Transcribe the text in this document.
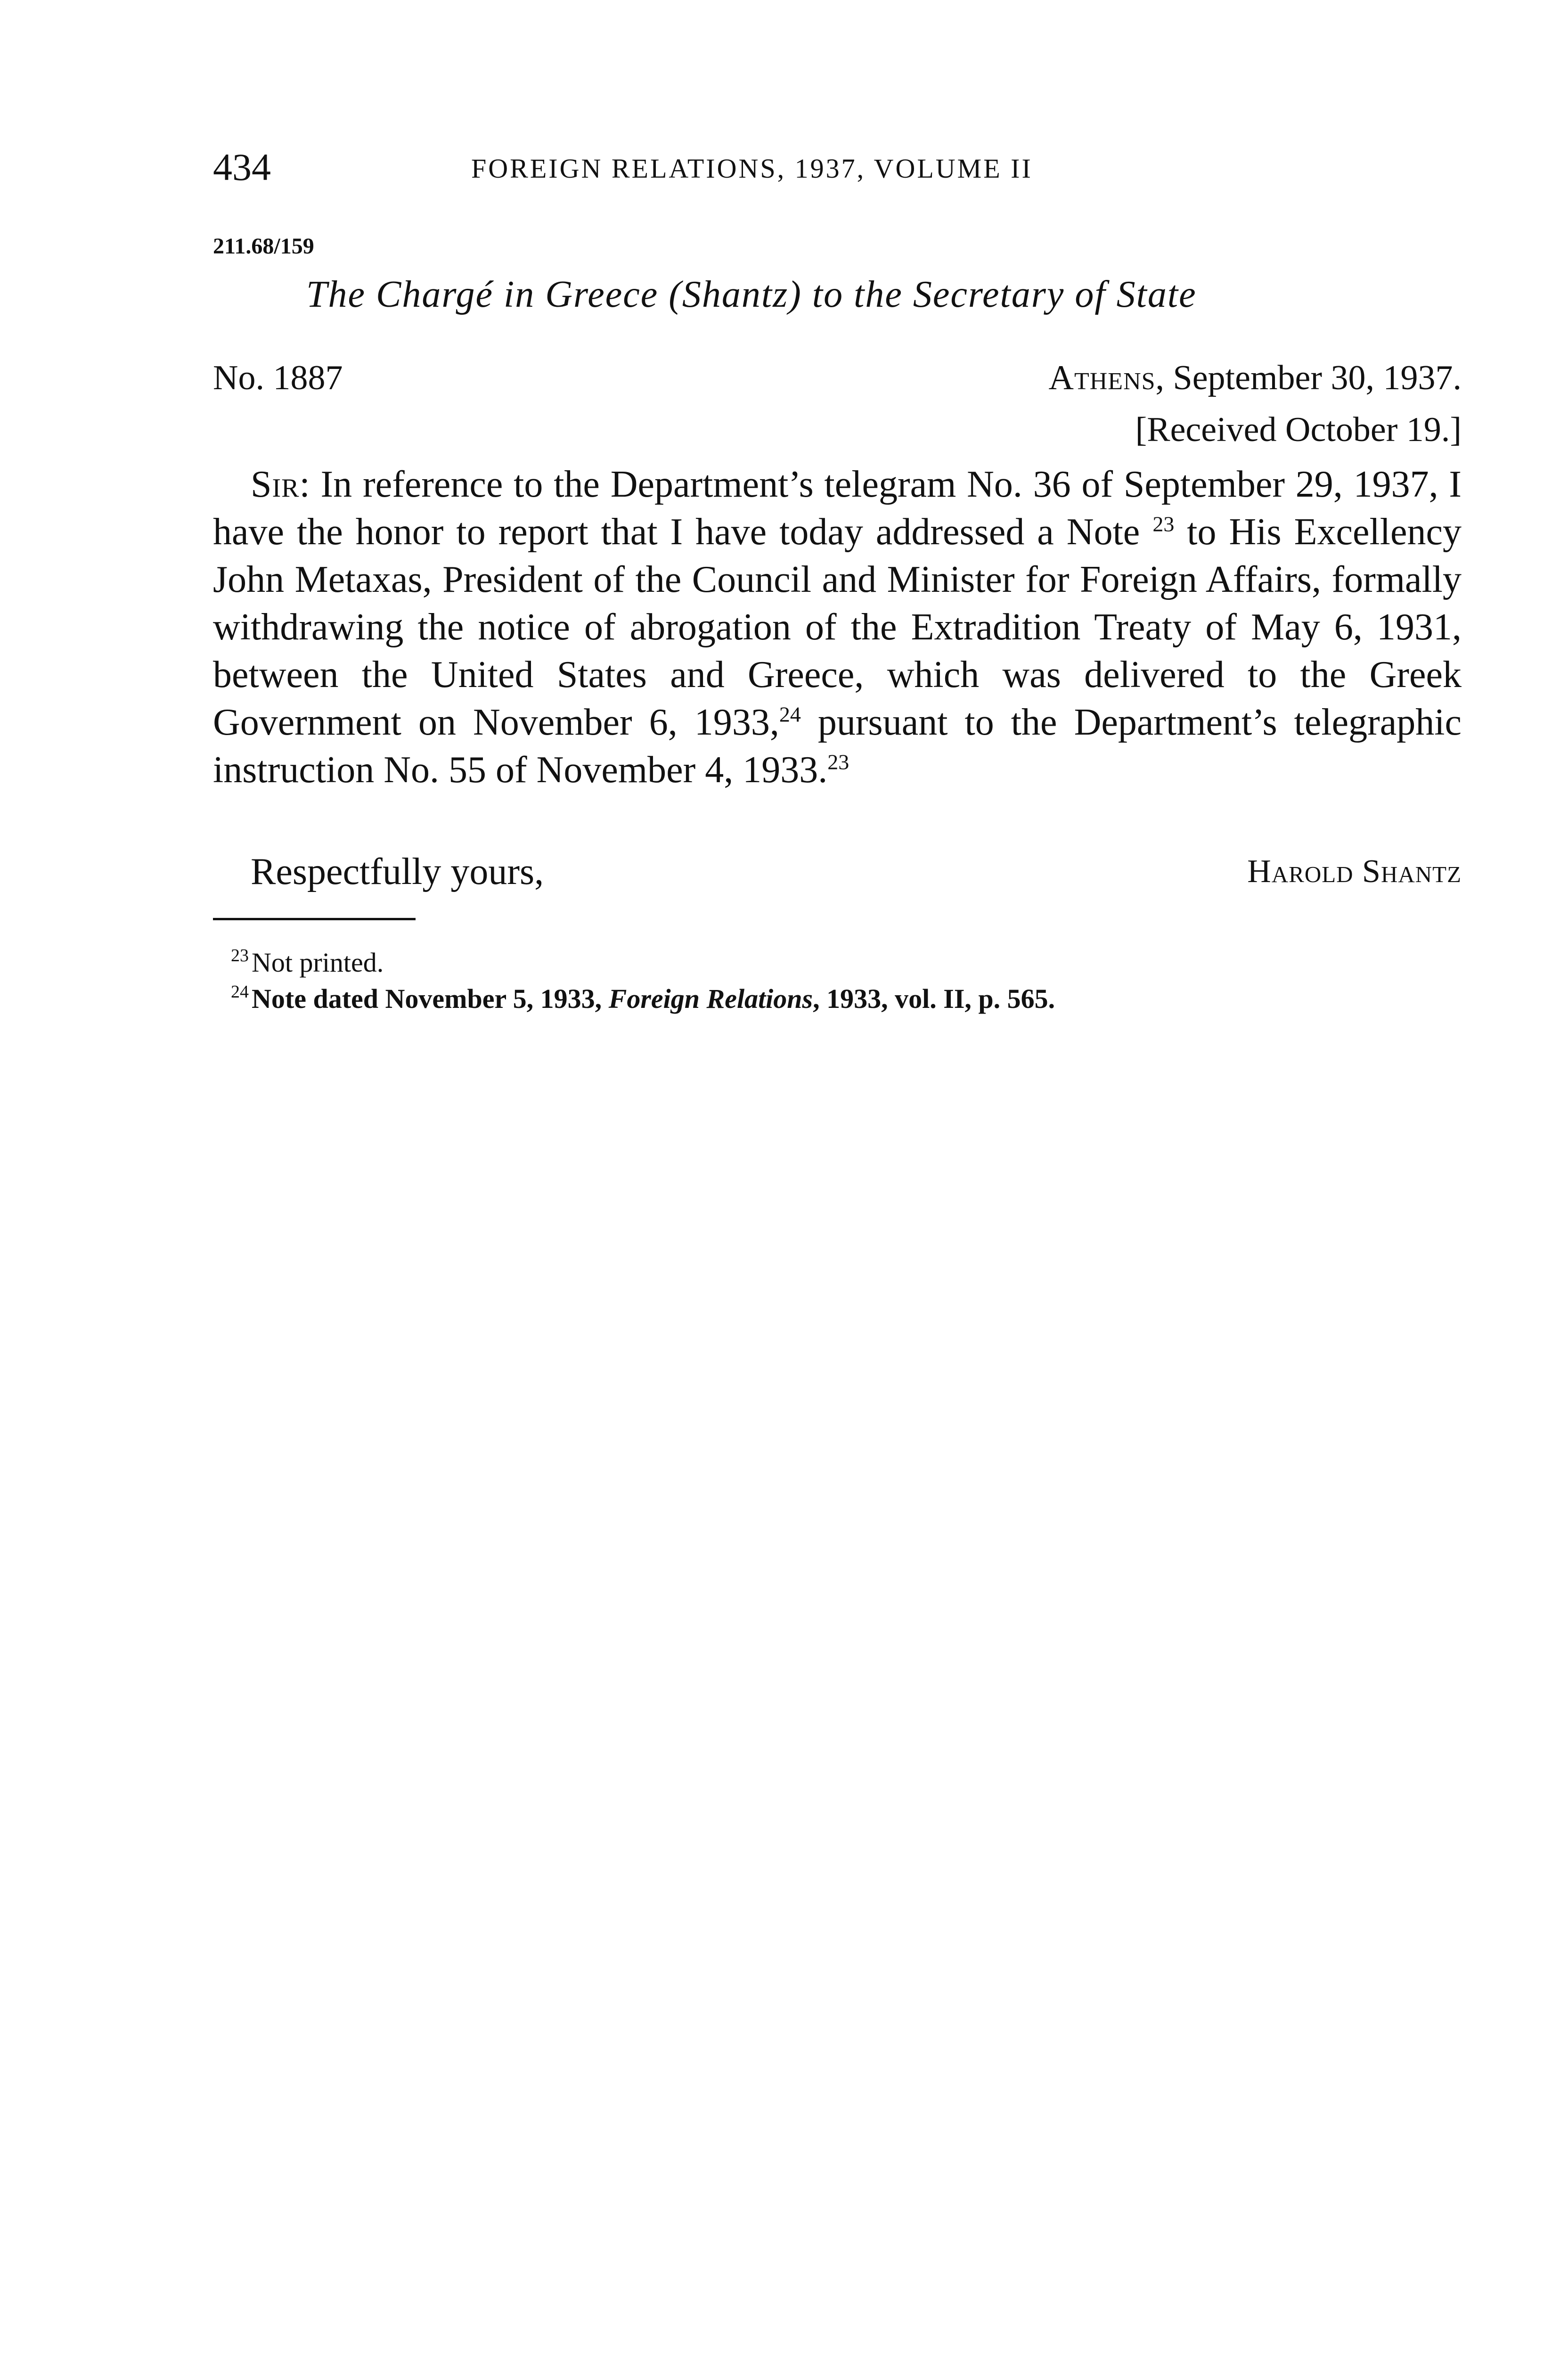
434	FOREIGN RELATIONS, 1937, VOLUME II
211.68/159
The Chargé in Greece (Shantz) to the Secretary of State
No. 1887	Athens, September 30, 1937.
[Received October 19.]
Sir: In reference to the Department’s telegram No. 36 of September 29, 1937, I have the honor to report that I have today addressed a Note $^{23}$ to His Excellency John Metaxas, President of the Council and Minister for Foreign Affairs, formally withdrawing the notice of abrogation of the Extradition Treaty of May 6, 1931, between the United States and Greece, which was delivered to the Greek Government on November 6, 1933,24 pursuant to the Department’s telegraphic instruction No. 55 of November 4, 1933.23
Respectfully yours,	Harold Shantz
$^{23}$ Not printed.
$^{24}$ Note dated November 5, 1933, Foreign Relations, 1933, vol. II, p. 565.
